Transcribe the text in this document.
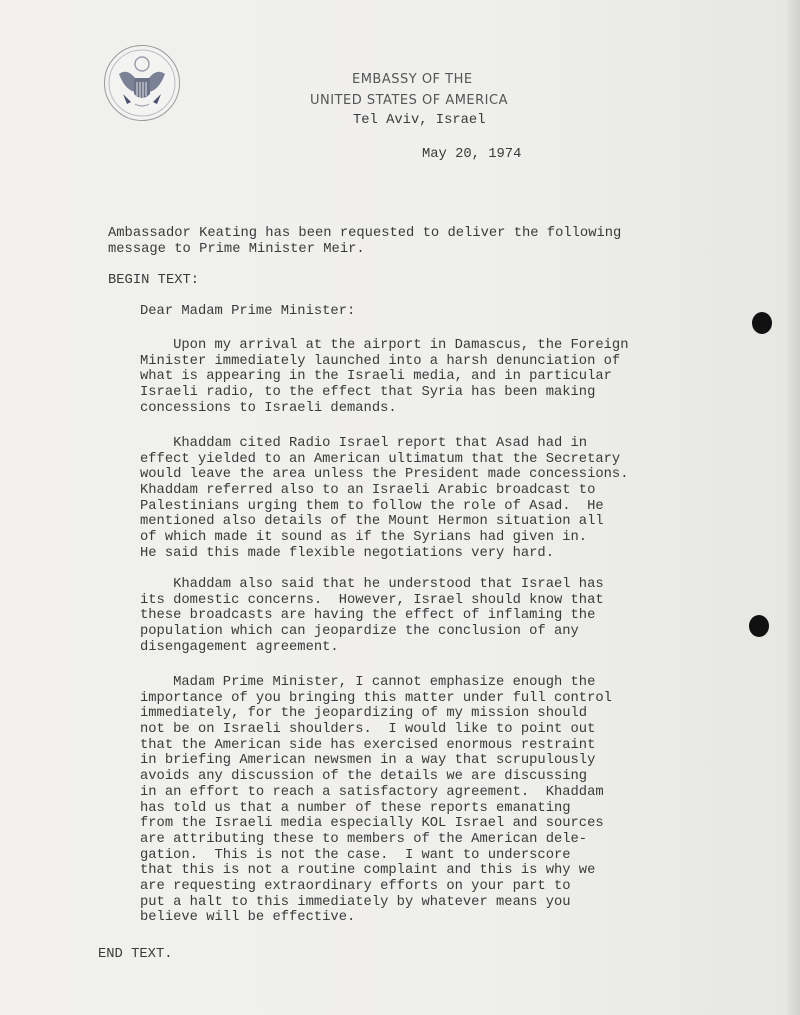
EMBASSY OF THE
UNITED STATES OF AMERICA
Tel Aviv, Israel
May 20, 1974
Ambassador Keating has been requested to deliver the following
message to Prime Minister Meir.
BEGIN TEXT:
Dear Madam Prime Minister:
Upon my arrival at the airport in Damascus, the Foreign
Minister immediately launched into a harsh denunciation of
what is appearing in the Israeli media, and in particular
Israeli radio, to the effect that Syria has been making
concessions to Israeli demands.
Khaddam cited Radio Israel report that Asad had in
effect yielded to an American ultimatum that the Secretary
would leave the area unless the President made concessions.
Khaddam referred also to an Israeli Arabic broadcast to
Palestinians urging them to follow the role of Asad.  He
mentioned also details of the Mount Hermon situation all
of which made it sound as if the Syrians had given in.
He said this made flexible negotiations very hard.
Khaddam also said that he understood that Israel has
its domestic concerns.  However, Israel should know that
these broadcasts are having the effect of inflaming the
population which can jeopardize the conclusion of any
disengagement agreement.
Madam Prime Minister, I cannot emphasize enough the
importance of you bringing this matter under full control
immediately, for the jeopardizing of my mission should
not be on Israeli shoulders.  I would like to point out
that the American side has exercised enormous restraint
in briefing American newsmen in a way that scrupulously
avoids any discussion of the details we are discussing
in an effort to reach a satisfactory agreement.  Khaddam
has told us that a number of these reports emanating
from the Israeli media especially KOL Israel and sources
are attributing these to members of the American dele-
gation.  This is not the case.  I want to underscore
that this is not a routine complaint and this is why we
are requesting extraordinary efforts on your part to
put a halt to this immediately by whatever means you
believe will be effective.
END TEXT.
